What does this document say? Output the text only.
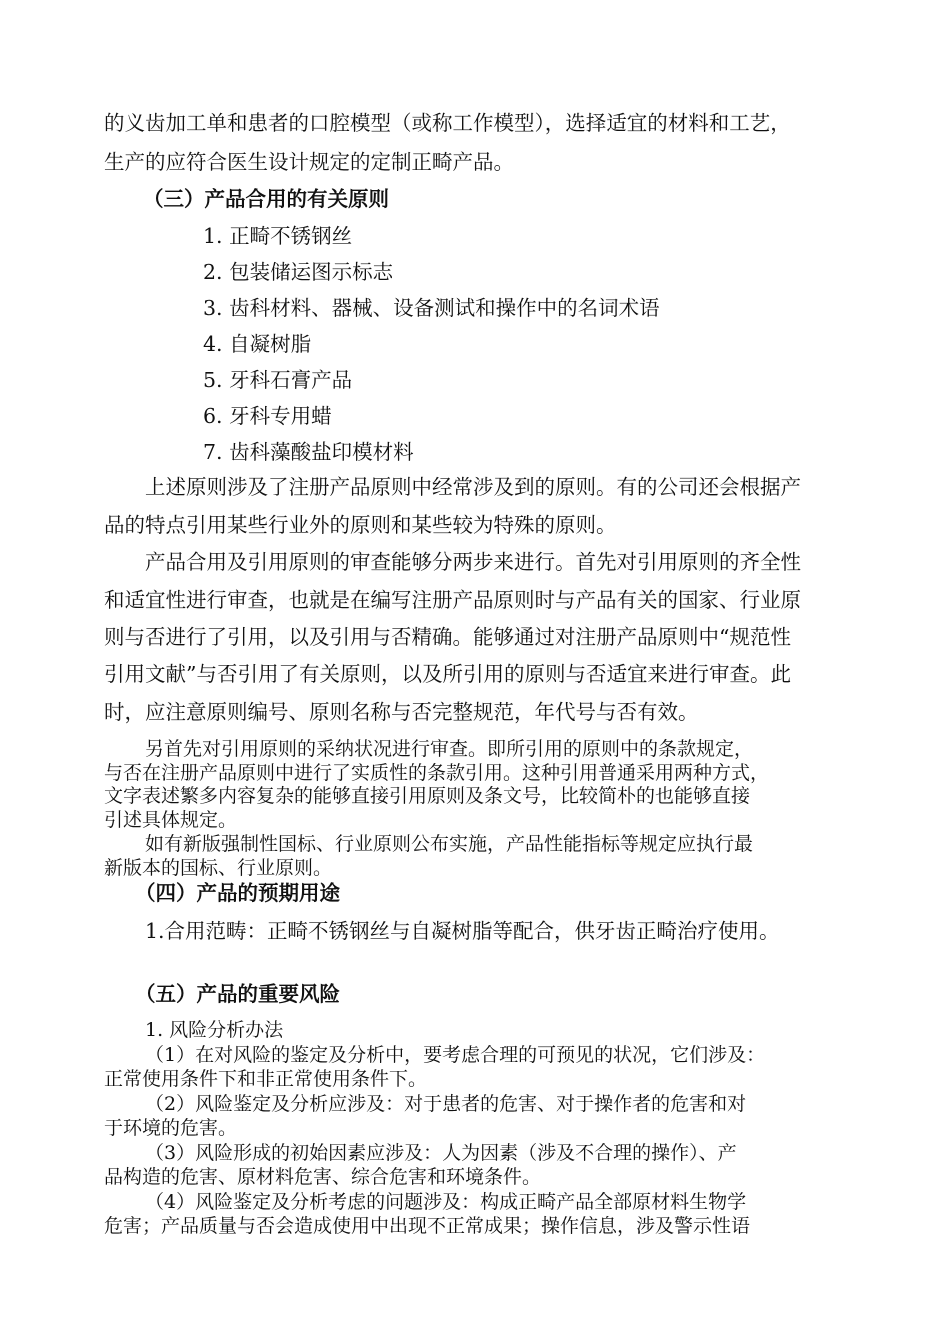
的义齿加工单和患者的口腔模型（或称工作模型），选择适宜的材料和工艺，
生产的应符合医生设计规定的定制正畸产品。
（三）产品合用的有关原则
1. 正畸不锈钢丝
2. 包装储运图示标志
3. 齿科材料、器械、设备测试和操作中的名词术语
4. 自凝树脂
5. 牙科石膏产品
6. 牙科专用蜡
7. 齿科藻酸盐印模材料
上述原则涉及了注册产品原则中经常涉及到的原则。有的公司还会根据产
品的特点引用某些行业外的原则和某些较为特殊的原则。
产品合用及引用原则的审查能够分两步来进行。首先对引用原则的齐全性
和适宜性进行审查，也就是在编写注册产品原则时与产品有关的国家、行业原
则与否进行了引用，以及引用与否精确。能够通过对注册产品原则中“规范性
引用文献”与否引用了有关原则，以及所引用的原则与否适宜来进行审查。此
时，应注意原则编号、原则名称与否完整规范，年代号与否有效。
另首先对引用原则的采纳状况进行审查。即所引用的原则中的条款规定，
与否在注册产品原则中进行了实质性的条款引用。这种引用普通采用两种方式，
文字表述繁多内容复杂的能够直接引用原则及条文号，比较简朴的也能够直接
引述具体规定。
如有新版强制性国标、行业原则公布实施，产品性能指标等规定应执行最
新版本的国标、行业原则。
（四）产品的预期用途
1.合用范畴：正畸不锈钢丝与自凝树脂等配合，供牙齿正畸治疗使用。
（五）产品的重要风险
1. 风险分析办法
（1）在对风险的鉴定及分析中，要考虑合理的可预见的状况，它们涉及：
正常使用条件下和非正常使用条件下。
（2）风险鉴定及分析应涉及：对于患者的危害、对于操作者的危害和对
于环境的危害。
（3）风险形成的初始因素应涉及：人为因素（涉及不合理的操作）、产
品构造的危害、原材料危害、综合危害和环境条件。
（4）风险鉴定及分析考虑的问题涉及：构成正畸产品全部原材料生物学
危害；产品质量与否会造成使用中出现不正常成果；操作信息，涉及警示性语
